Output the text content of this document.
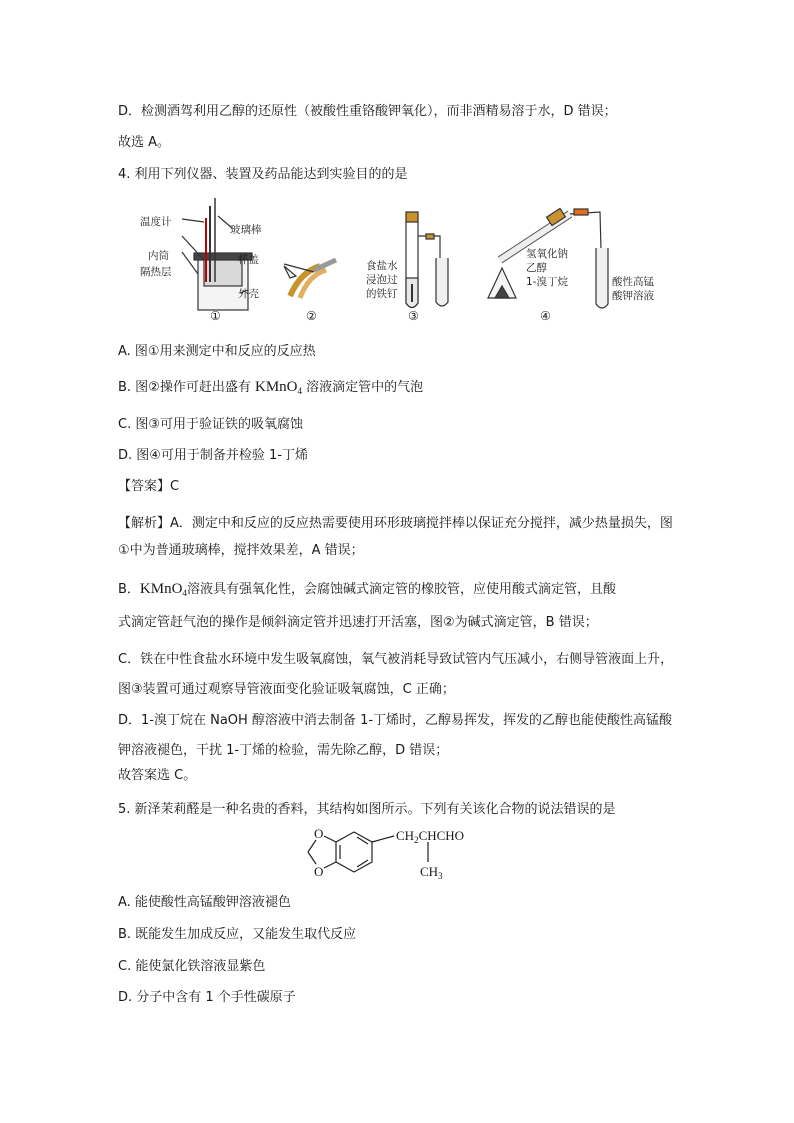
D．检测酒驾利用乙醇的还原性（被酸性重铬酸钾氧化），而非酒精易溶于水，D 错误；
故选 A。
4. 利用下列仪器、装置及药品能达到实验目的的是
温度计
玻璃棒
内筒	杯盖
隔热层
外壳
①	②
食盐水
浸泡过
的铁钉
③
氢氧化钠
乙醇
1-溴丁烷	酸性高锰
酸钾溶液
④
A. 图①用来测定中和反应的反应热
B. 图②操作可赶出盛有 KMnO$_4$ 溶液滴定管中的气泡
C. 图③可用于验证铁的吸氧腐蚀
D. 图④可用于制备并检验 1-丁烯
【答案】C
【解析】A．测定中和反应的反应热需要使用环形玻璃搅拌棒以保证充分搅拌，减少热量损失，图①中为普通玻璃棒，搅拌效果差，A 错误；
B．KMnO$_4$溶液具有强氧化性，会腐蚀碱式滴定管的橡胶管，应使用酸式滴定管，且酸
式滴定管赶气泡的操作是倾斜滴定管并迅速打开活塞，图②为碱式滴定管，B 错误；
C．铁在中性食盐水环境中发生吸氧腐蚀，氧气被消耗导致试管内气压减小，右侧导管液面上升，图③装置可通过观察导管液面变化验证吸氧腐蚀，C 正确；
D．1-溴丁烷在 NaOH 醇溶液中消去制备 1-丁烯时，乙醇易挥发，挥发的乙醇也能使酸性高锰酸钾溶液褪色，干扰 1-丁烯的检验，需先除乙醇，D 错误；
故答案选 C。
5. 新泽茉莉醛是一种名贵的香料，其结构如图所示。下列有关该化合物的说法错误的是
O
O
$CH_2CHCHO$
$CH_3$
A. 能使酸性高锰酸钾溶液褪色
B. 既能发生加成反应，又能发生取代反应
C. 能使氯化铁溶液显紫色
D. 分子中含有 1 个手性碳原子
